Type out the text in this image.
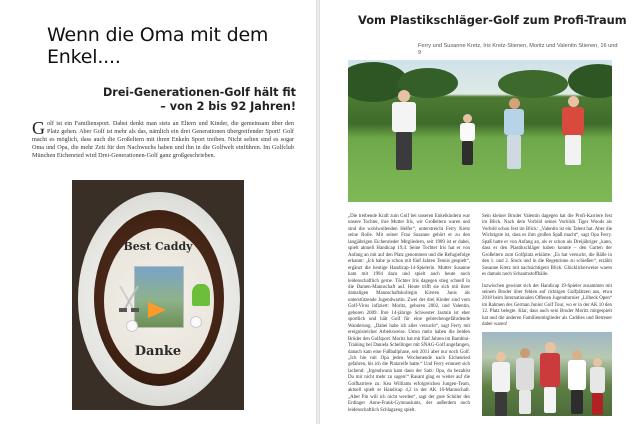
Wenn die Oma mit dem Enkel....
Drei-Generationen-Golf hält fit – von 2 bis 92 Jahren!

Golf ist ein Familiensport. Dabei denkt man stets an Eltern und Kinder, die gemeinsam über den Platz gehen. Aber Golf ist mehr als das, nämlich ein drei Generationen übergreifender Sport! Golf macht es möglich, dass auch die Großeltern mit ihren Enkeln Sport treiben. Nicht selten sind es sogar Oma und Opa, die mehr Zeit für den Nachwuchs haben und ihn in die Golfwelt einführen. Im Golfclub München Eichenried wird Drei-Generationen-Golf ganz großgeschrieben.

Best Caddy
Danke
Vom Plastikschläger-Golf zum Profi-Traum

Ferry und Susanne Kretz, Iris Kretz-Stienen, Moritz und Valentin Stienen, 16 und 9

„Die treibende Kraft zum Golf bei unseren Enkelkindern war unsere Tochter, ihre Mutter Iris, wir Großeltern waren und sind die wohlwollenden Helfer“, unterstreicht Ferry Kretz seine Rolle. Mit seiner Frau Susanne gehört er zu den langjährigen Eichenrieder Mitgliedern, seit 1989 ist er dabei, spielt aktuell Handicap 19,4. Seine Tochter Iris hat er von Anfang an mit auf den Platz genommen und die Refugiefolge erkannt: „Ich habe ja schon mit fünf Jahren Tennis gespielt“, ergänzt die heutige Handicap-14-Spielerin. Mutter Susanne kam mit 1994 dazu und spielt auch heute noch leidenschaftlich gerne. Töchter Iris dagegen stieg schnell in die Damen-Mannschaft auf. Heute trifft sie sich mit ihrer damaligen Mannschaftskollegin Kirsten Janis als unterstützende Jugendwartin. Zwei der drei Kinder sind vom Golf-Virus infiziert: Moritz, geboren 2002, und Valentin, geboren 2009. Ihre 14-jährige Schwester Jasmin ist eher sportlich und hält Golf für eine gebrechengefährdende Wanderung. „Dabei habe ich alles versucht“, sagt Ferry mit ereignisreicher Arbeitsweise. Umso mehr haben die beiden Brüder den Golfsport. Moritz hat mit fünf Jahren im Bambini-Training bei Daniela Schellinger mit SNAG-Golf angefangen, danach kam eine Fußballphase, seit 2011 aber nur noch Golf. „Ich bin mit Opa jeden Wochenende nach Eichenried gefahren, bis ich die Platzreife hatte.“ Und Ferry erinnert sich lachend: „Irgendwann kam dann der Satz: Opa, du bezahlst Du mir nicht mehr zu sagen!“ Rasant ging es weiter auf die Golfkarriere zu: Kea Williams erfolgreichen Jungen-Team, aktuell spielt er Handicap 4,2 in der AK 16-Mannschaft. „Aber Pin will ich nicht werden“, sagt der gute Schüler des Erdinger Anne-Frank-Gymnasiums, der außerdem noch leidenschaftlich Schlagzeug spielt.

Sein kleiner Bruder Valentin dagegen hat die Profi-Karriere fest im Blick. Nach dem Vorbild seines Vorbilds Tiger Woods als Vorbild schon fest im Blick: „Valentin ist ein Talent hat. Aber die Wichtigste ist, dass es ihm großen Spaß macht“, sagt Opa Ferry. Spaß hatte er von Anfang an, als er schon als Dreijähriger „kann, dass er den Plastikschläger haben konnte – den Garten der Großeltern zum Golfplatz erklärte. „Es hat versucht, die Bälle in den 1. und 2. Stock und in die Regenrinne zu schießen“, erzählt Susanne Kretz mit nachsichtigem Blick. Glücklicherweise waren es damals noch Schaumstoffbälle.

Inzwischen gewinnt sich der Handicap 19-Spieler zusammen mit seinem Bruder über fehlen auf richtigen Golfplätzen aus, etwa 2018 beim Internationalen Offenen Jugendturnier „Lilbeck Open“ im Rahmen des German Junior Golf Tour, wo er in der AK 10 den 12. Platz belegte. Klar, dass auch sein Bruder Moritz mitgespielt hat und die anderen Familienmitglieder als Caddies und Betreuer dabei waren!
